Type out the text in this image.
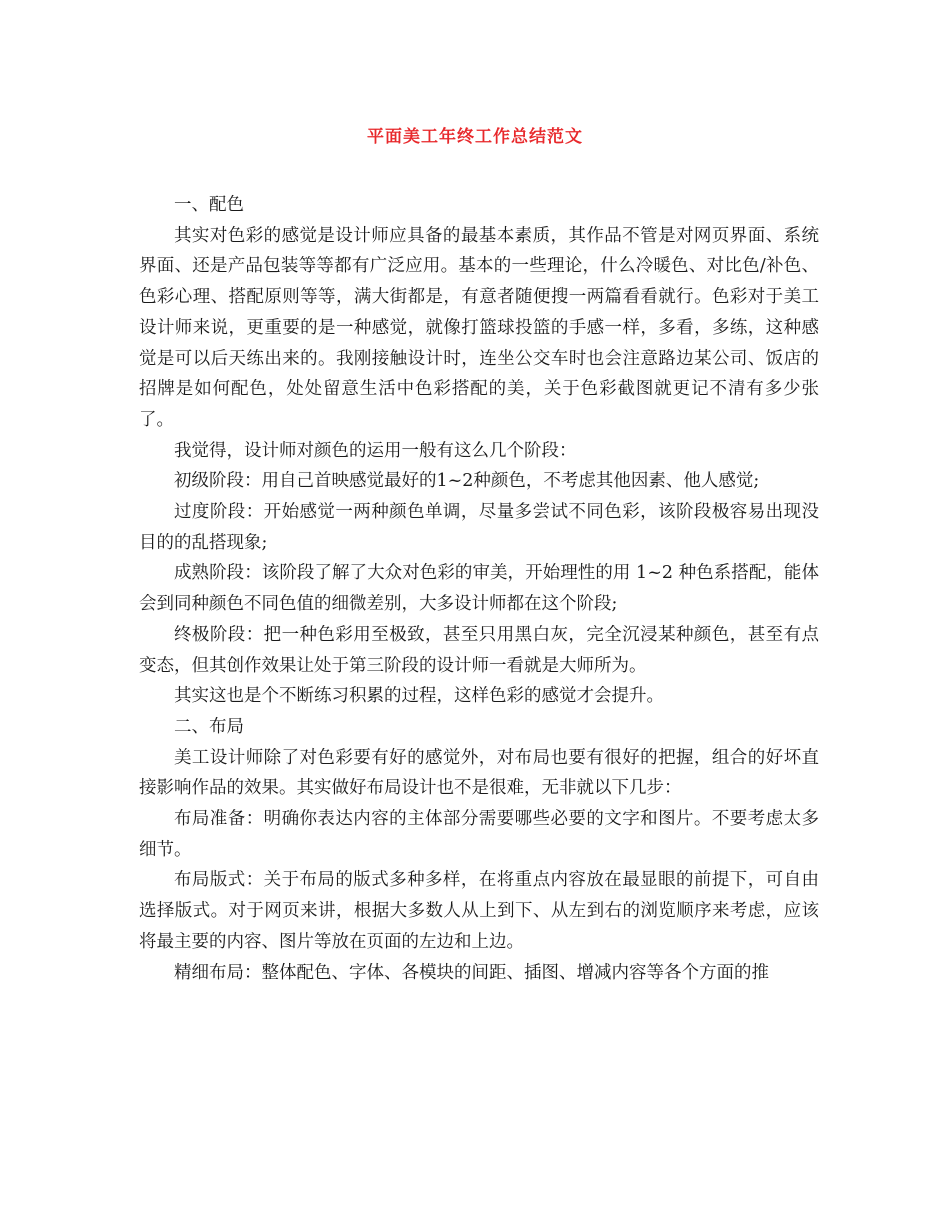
平面美工年终工作总结范文

一、配色

其实对色彩的感觉是设计师应具备的最基本素质，其作品不管是对网页界面、系统界面、还是产品包装等等都有广泛应用。基本的一些理论，什么冷暖色、对比色/补色、色彩心理、搭配原则等等，满大街都是，有意者随便搜一两篇看看就行。色彩对于美工设计师来说，更重要的是一种感觉，就像打篮球投篮的手感一样，多看，多练，这种感觉是可以后天练出来的。我刚接触设计时，连坐公交车时也会注意路边某公司、饭店的招牌是如何配色，处处留意生活中色彩搭配的美，关于色彩截图就更记不清有多少张了。

我觉得，设计师对颜色的运用一般有这么几个阶段：

初级阶段：用自己首映感觉最好的1~2种颜色，不考虑其他因素、他人感觉;

过度阶段：开始感觉一两种颜色单调，尽量多尝试不同色彩，该阶段极容易出现没目的的乱搭现象;

成熟阶段：该阶段了解了大众对色彩的审美，开始理性的用 1~2 种色系搭配，能体会到同种颜色不同色值的细微差别，大多设计师都在这个阶段;

终极阶段：把一种色彩用至极致，甚至只用黑白灰，完全沉浸某种颜色，甚至有点变态，但其创作效果让处于第三阶段的设计师一看就是大师所为。

其实这也是个不断练习积累的过程，这样色彩的感觉才会提升。

二、布局

美工设计师除了对色彩要有好的感觉外，对布局也要有很好的把握，组合的好坏直接影响作品的效果。其实做好布局设计也不是很难，无非就以下几步：

布局准备：明确你表达内容的主体部分需要哪些必要的文字和图片。不要考虑太多细节。

布局版式：关于布局的版式多种多样，在将重点内容放在最显眼的前提下，可自由选择版式。对于网页来讲，根据大多数人从上到下、从左到右的浏览顺序来考虑，应该将最主要的内容、图片等放在页面的左边和上边。

精细布局：整体配色、字体、各模块的间距、插图、增减内容等各个方面的推
